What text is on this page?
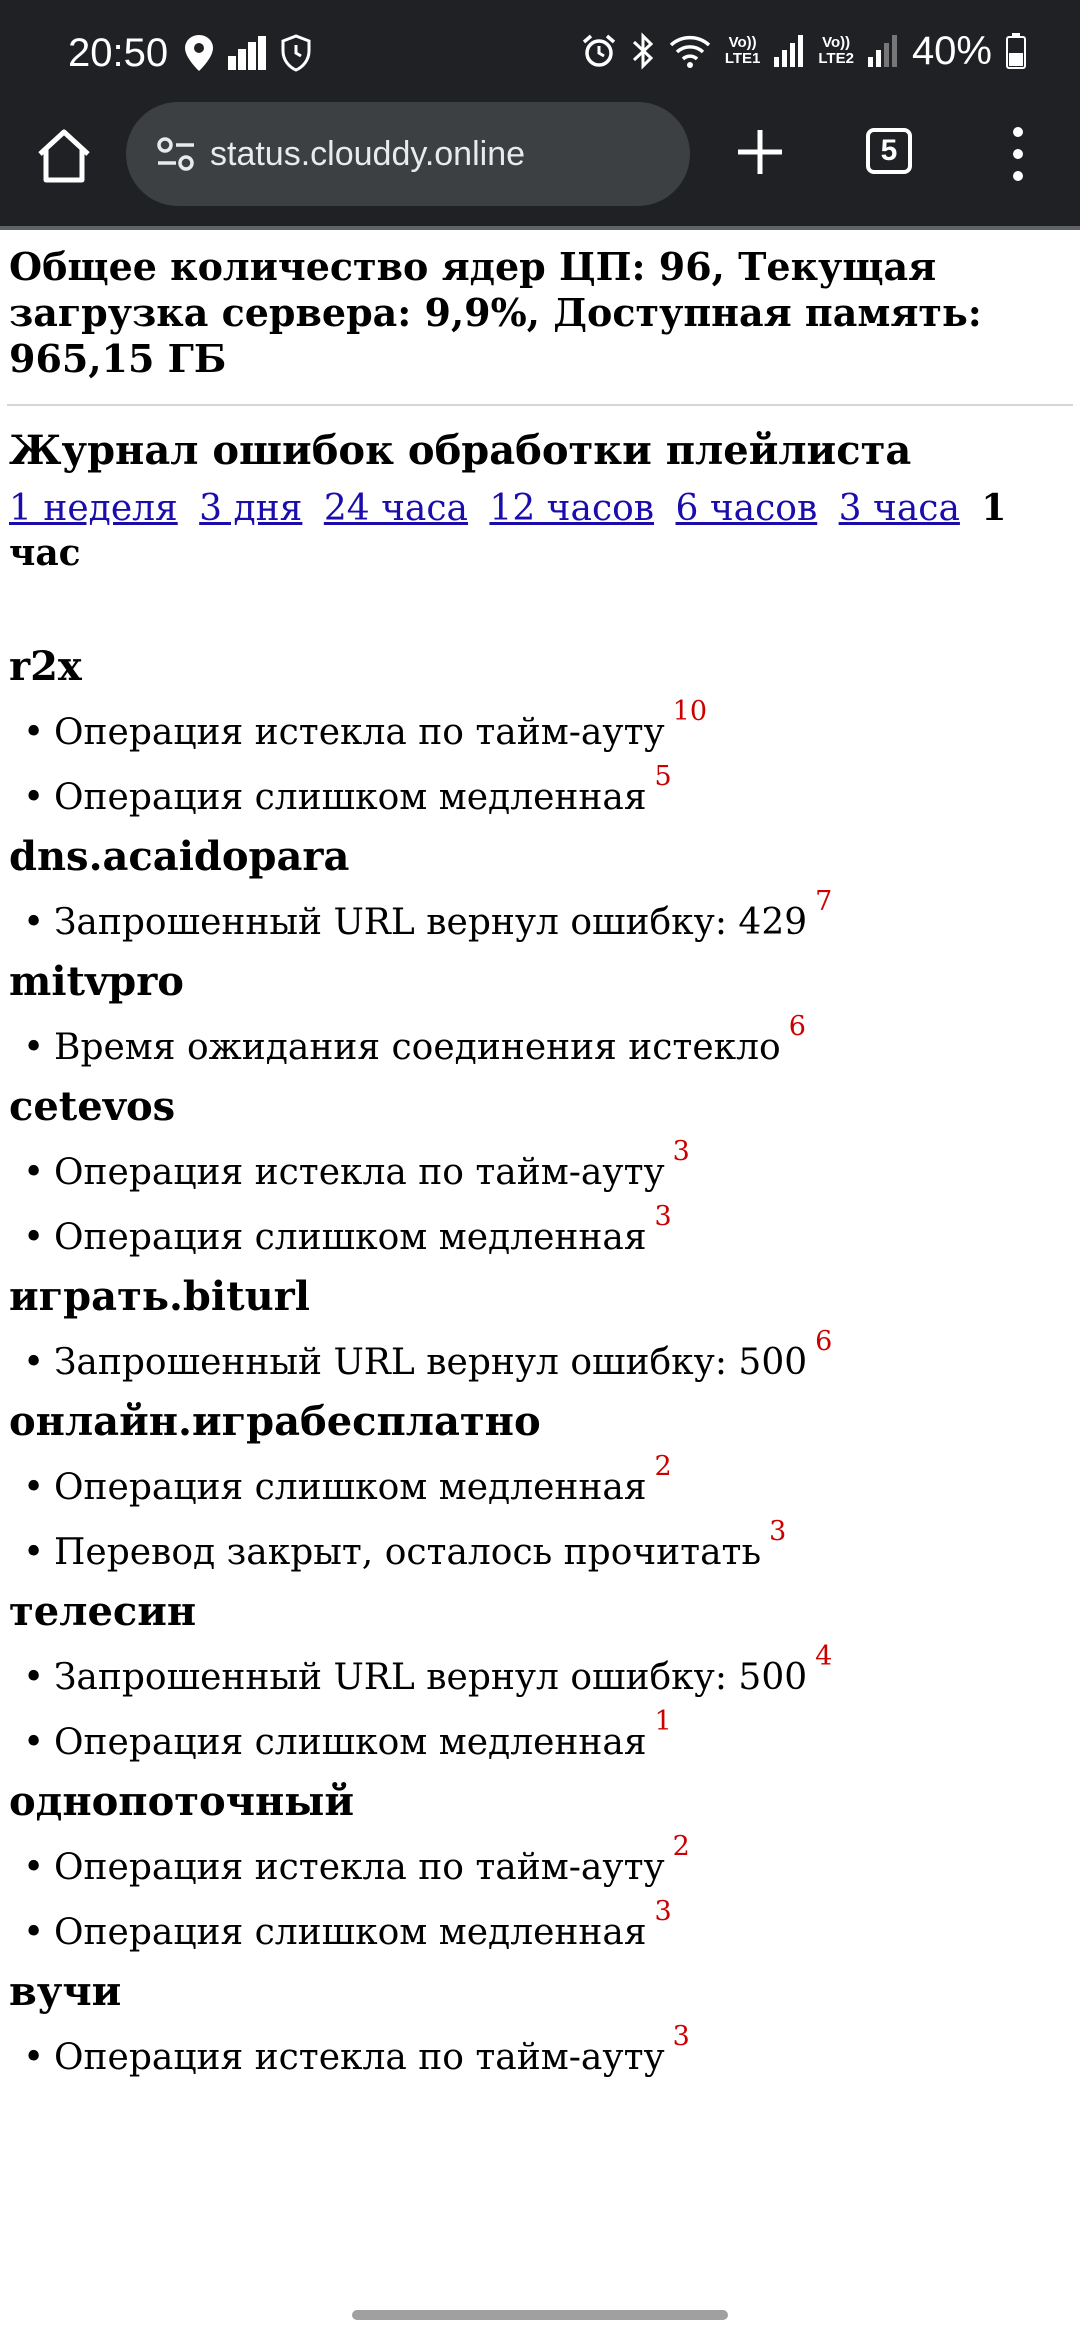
20:50	Vo))
LTE1
Vo))
LTE2 40%
status.clouddy.online	5

Общее количество ядер ЦП: 96, Текущая загрузка сервера: 9,9%, Доступная память: 965,15 ГБ

Журнал ошибок обработки плейлиста
1 неделя 3 дня 24 часа 12 часов 6 часов 3 часа 1 час
r2x
• Операция истекла по тайм-ауту$^{10}$
• Операция слишком медленная$^5$
dns.acaidopara
• Запрошенный URL вернул ошибку: $429^7$
mitvpro
• Время ожидания соединения истекло$^6$
cetevos
• Операция истекла по тайм-ауту$^3$
• Операция слишком медленная$^3$
играть.biturl
• Запрошенный URL вернул ошибку: $500^6$
онлайн.играбесплатно
• Операция слишком медленная$^2$
• Перевод закрыт, осталось прочитать$^3$
телесин
• Запрошенный URL вернул ошибку: $500^4$
• Операция слишком медленная$^1$
однопоточный
• Операция истекла по тайм-ауту$^2$
• Операция слишком медленная$^3$
вучи
• Операция истекла по тайм-ауту$^3$
